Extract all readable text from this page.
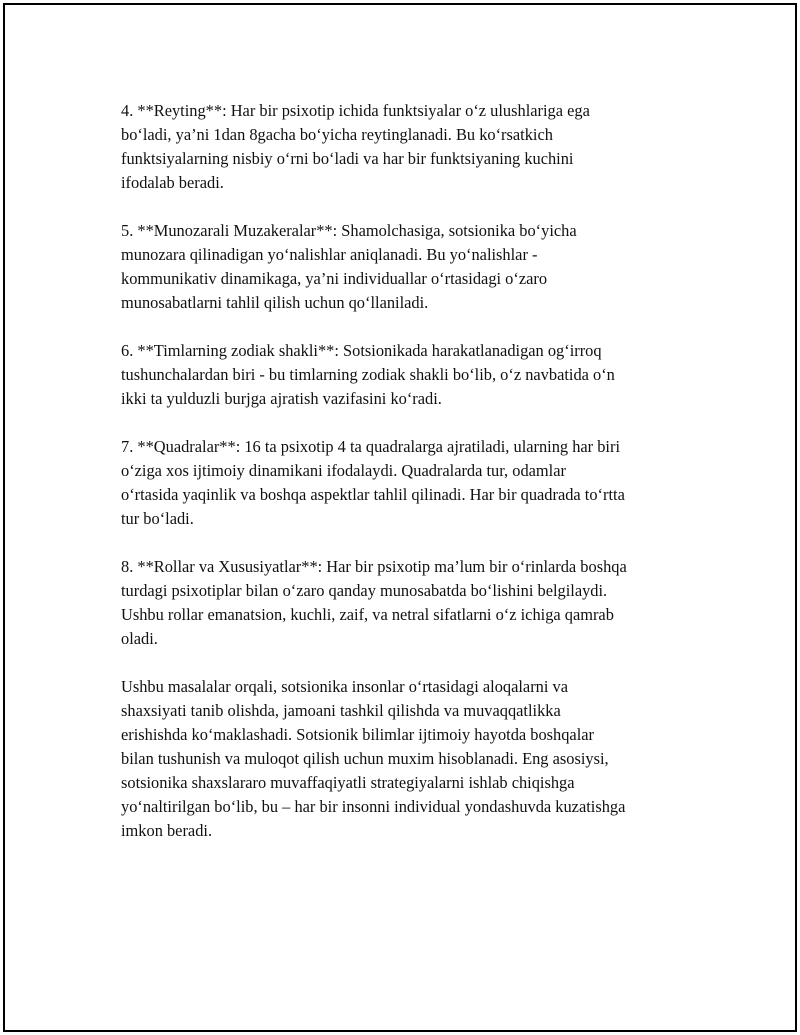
4. **Reyting**: Har bir psixotip ichida funktsiyalar o‘z ulushlariga ega
bo‘ladi, ya’ni 1dan 8gacha bo‘yicha reytinglanadi. Bu ko‘rsatkich
funktsiyalarning nisbiy o‘rni bo‘ladi va har bir funktsiyaning kuchini
ifodalab beradi.

5. **Munozarali Muzakeralar**: Shamolchasiga, sotsionika bo‘yicha
munozara qilinadigan yo‘nalishlar aniqlanadi. Bu yo‘nalishlar -
kommunikativ dinamikaga, ya’ni individuallar o‘rtasidagi o‘zaro
munosabatlarni tahlil qilish uchun qo‘llaniladi.

6. **Timlarning zodiak shakli**: Sotsionikada harakatlanadigan og‘irroq
tushunchalardan biri - bu timlarning zodiak shakli bo‘lib, o‘z navbatida o‘n
ikki ta yulduzli burjga ajratish vazifasini ko‘radi.

7. **Quadralar**: 16 ta psixotip 4 ta quadralarga ajratiladi, ularning har biri
o‘ziga xos ijtimoiy dinamikani ifodalaydi. Quadralarda tur, odamlar
o‘rtasida yaqinlik va boshqa aspektlar tahlil qilinadi. Har bir quadrada to‘rtta
tur bo‘ladi.

8. **Rollar va Xususiyatlar**: Har bir psixotip ma’lum bir o‘rinlarda boshqa
turdagi psixotiplar bilan o‘zaro qanday munosabatda bo‘lishini belgilaydi.
Ushbu rollar emanatsion, kuchli, zaif, va netral sifatlarni o‘z ichiga qamrab
oladi.

Ushbu masalalar orqali, sotsionika insonlar o‘rtasidagi aloqalarni va
shaxsiyati tanib olishda, jamoani tashkil qilishda va muvaqqatlikka
erishishda ko‘maklashadi. Sotsionik bilimlar ijtimoiy hayotda boshqalar
bilan tushunish va muloqot qilish uchun muxim hisoblanadi. Eng asosiysi,
sotsionika shaxslararo muvaffaqiyatli strategiyalarni ishlab chiqishga
yo‘naltirilgan bo‘lib, bu – har bir insonni individual yondashuvda kuzatishga
imkon beradi.
